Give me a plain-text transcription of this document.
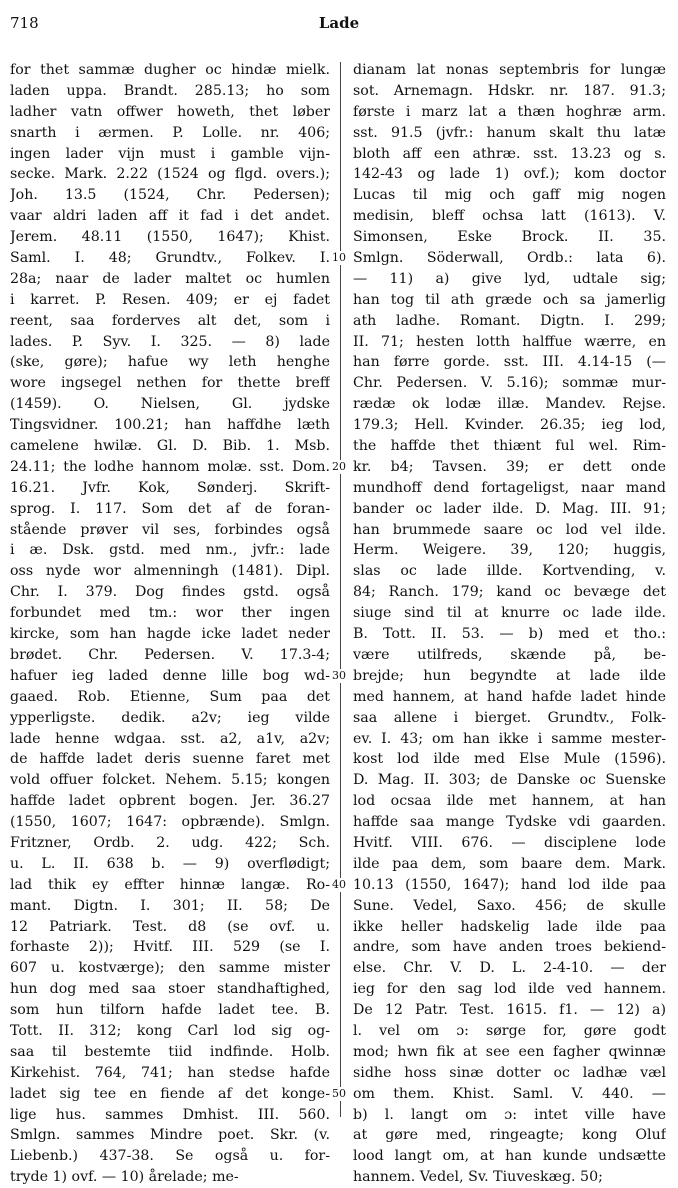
718	Lade
for thet sammæ dugher oc hindæ mielk.
laden uppa. Brandt. 285.13; ho som
ladher vatn offwer howeth, thet løber
snarth i ærmen. P. Lolle. nr. 406;
ingen lader vijn must i gamble vijn-
secke. Mark. 2.22 (1524 og flgd. overs.);
Joh. 13.5 (1524, Chr. Pedersen);
vaar aldri laden aff it fad i det andet.
Jerem. 48.11 (1550, 1647); Khist.
Saml. I. 48; Grundtv., Folkev. I.
28a; naar de lader maltet oc humlen
i karret. P. Resen. 409; er ej fadet
reent, saa forderves alt det, som i
lades. P. Syv. I. 325. — 8) lade
(ske, gøre); hafue wy leth henghe
wore ingsegel nethen for thette breff
(1459). O. Nielsen, Gl. jydske
Tingsvidner. 100.21; han haffdhe læth
camelene hwilæ. Gl. D. Bib. 1. Msb.
24.11; the lodhe hannom molæ. sst. Dom.
16.21. Jvfr. Kok, Sønderj. Skrift-
sprog. I. 117. Som det af de foran-
stående prøver vil ses, forbindes også
i æ. Dsk. gstd. med nm., jvfr.: lade
oss nyde wor almenningh (1481). Dipl.
Chr. I. 379. Dog findes gstd. også
forbundet med tm.: wor ther ingen
kircke, som han hagde icke ladet neder
brødet. Chr. Pedersen. V. 17.3-4;
hafuer ieg laded denne lille bog wd-
gaaed. Rob. Etienne, Sum paa det
ypperligste. dedik. a2v; ieg vilde
lade henne wdgaa. sst. a2, a1v, a2v;
de haffde ladet deris suenne faret met
vold offuer folcket. Nehem. 5.15; kongen
haffde ladet opbrent bogen. Jer. 36.27
(1550, 1607; 1647: opbrænde). Smlgn.
Fritzner, Ordb. 2. udg. 422; Sch.
u. L. II. 638 b. — 9) overflødigt;
lad thik ey effter hinnæ langæ. Ro-
mant. Digtn. I. 301; II. 58; De
12 Patriark. Test. d8 (se ovf. u.
forhaste 2)); Hvitf. III. 529 (se I.
607 u. kostværge); den samme mister
hun dog med saa stoer standhaftighed,
som hun tilforn hafde ladet tee. B.
Tott. II. 312; kong Carl lod sig og-
saa til bestemte tiid indfinde. Holb.
Kirkehist. 764, 741; han stedse hafde
ladet sig tee en fiende af det konge-
lige hus. sammes Dmhist. III. 560.
Smlgn. sammes Mindre poet. Skr. (v.
Liebenb.) 437-38. Se også u. for-
tryde 1) ovf. — 10) årelade; me-
dianam lat nonas septembris for lungæ
sot. Arnemagn. Hdskr. nr. 187. 91.3;
første i marz lat a thæn hoghræ arm.
sst. 91.5 (jvfr.: hanum skalt thu latæ
bloth aff een athræ. sst. 13.23 og s.
142-43 og lade 1) ovf.); kom doctor
Lucas til mig och gaff mig nogen
medisin, bleff ochsa latt (1613). V.
Simonsen, Eske Brock. II. 35.
Smlgn. Söderwall, Ordb.: lata 6).
— 11) a) give lyd, udtale sig;
han tog til ath græde och sa jamerlig
ath ladhe. Romant. Digtn. I. 299;
II. 71; hesten lotth halffue wærre, en
han førre gorde. sst. III. 4.14-15 (—
Chr. Pedersen. V. 5.16); sommæ mur-
rædæ ok lodæ illæ. Mandev. Rejse.
179.3; Hell. Kvinder. 26.35; ieg lod,
the haffde thet thiænt ful wel. Rim-
kr. b4; Tavsen. 39; er dett onde
mundhoff dend fortageligst, naar mand
bander oc lader ilde. D. Mag. III. 91;
han brummede saare oc lod vel ilde.
Herm. Weigere. 39, 120; huggis,
slas oc lade illde. Kortvending, v.
84; Ranch. 179; kand oc bevæge det
siuge sind til at knurre oc lade ilde.
B. Tott. II. 53. — b) med et tho.:
være utilfreds, skænde på, be-
brejde; hun begyndte at lade ilde
med hannem, at hand hafde ladet hinde
saa allene i bierget. Grundtv., Folk-
ev. I. 43; om han ikke i samme mester-
kost lod ilde med Else Mule (1596).
D. Mag. II. 303; de Danske oc Suenske
lod ocsaa ilde met hannem, at han
haffde saa mange Tydske vdi gaarden.
Hvitf. VIII. 676. — disciplene lode
ilde paa dem, som baare dem. Mark.
10.13 (1550, 1647); hand lod ilde paa
Sune. Vedel, Saxo. 456; de skulle
ikke heller hadskelig lade ilde paa
andre, som have anden troes bekiend-
else. Chr. V. D. L. 2-4-10. — der
ieg for den sag lod ilde ved hannem.
De 12 Patr. Test. 1615. f1. — 12) a)
l. vel om ɔ: sørge for, gøre godt
mod; hwn fik at see een fagher qwinnæ
sidhe hoss sinæ dotter oc ladhæ væl
om them. Khist. Saml. V. 440. —
b) l. langt om ɔ: intet ville have
at gøre med, ringeagte; kong Oluf
lood langt om, at han kunde undsætte
hannem. Vedel, Sv. Tiuveskæg. 50;
10
20
30
40
50
